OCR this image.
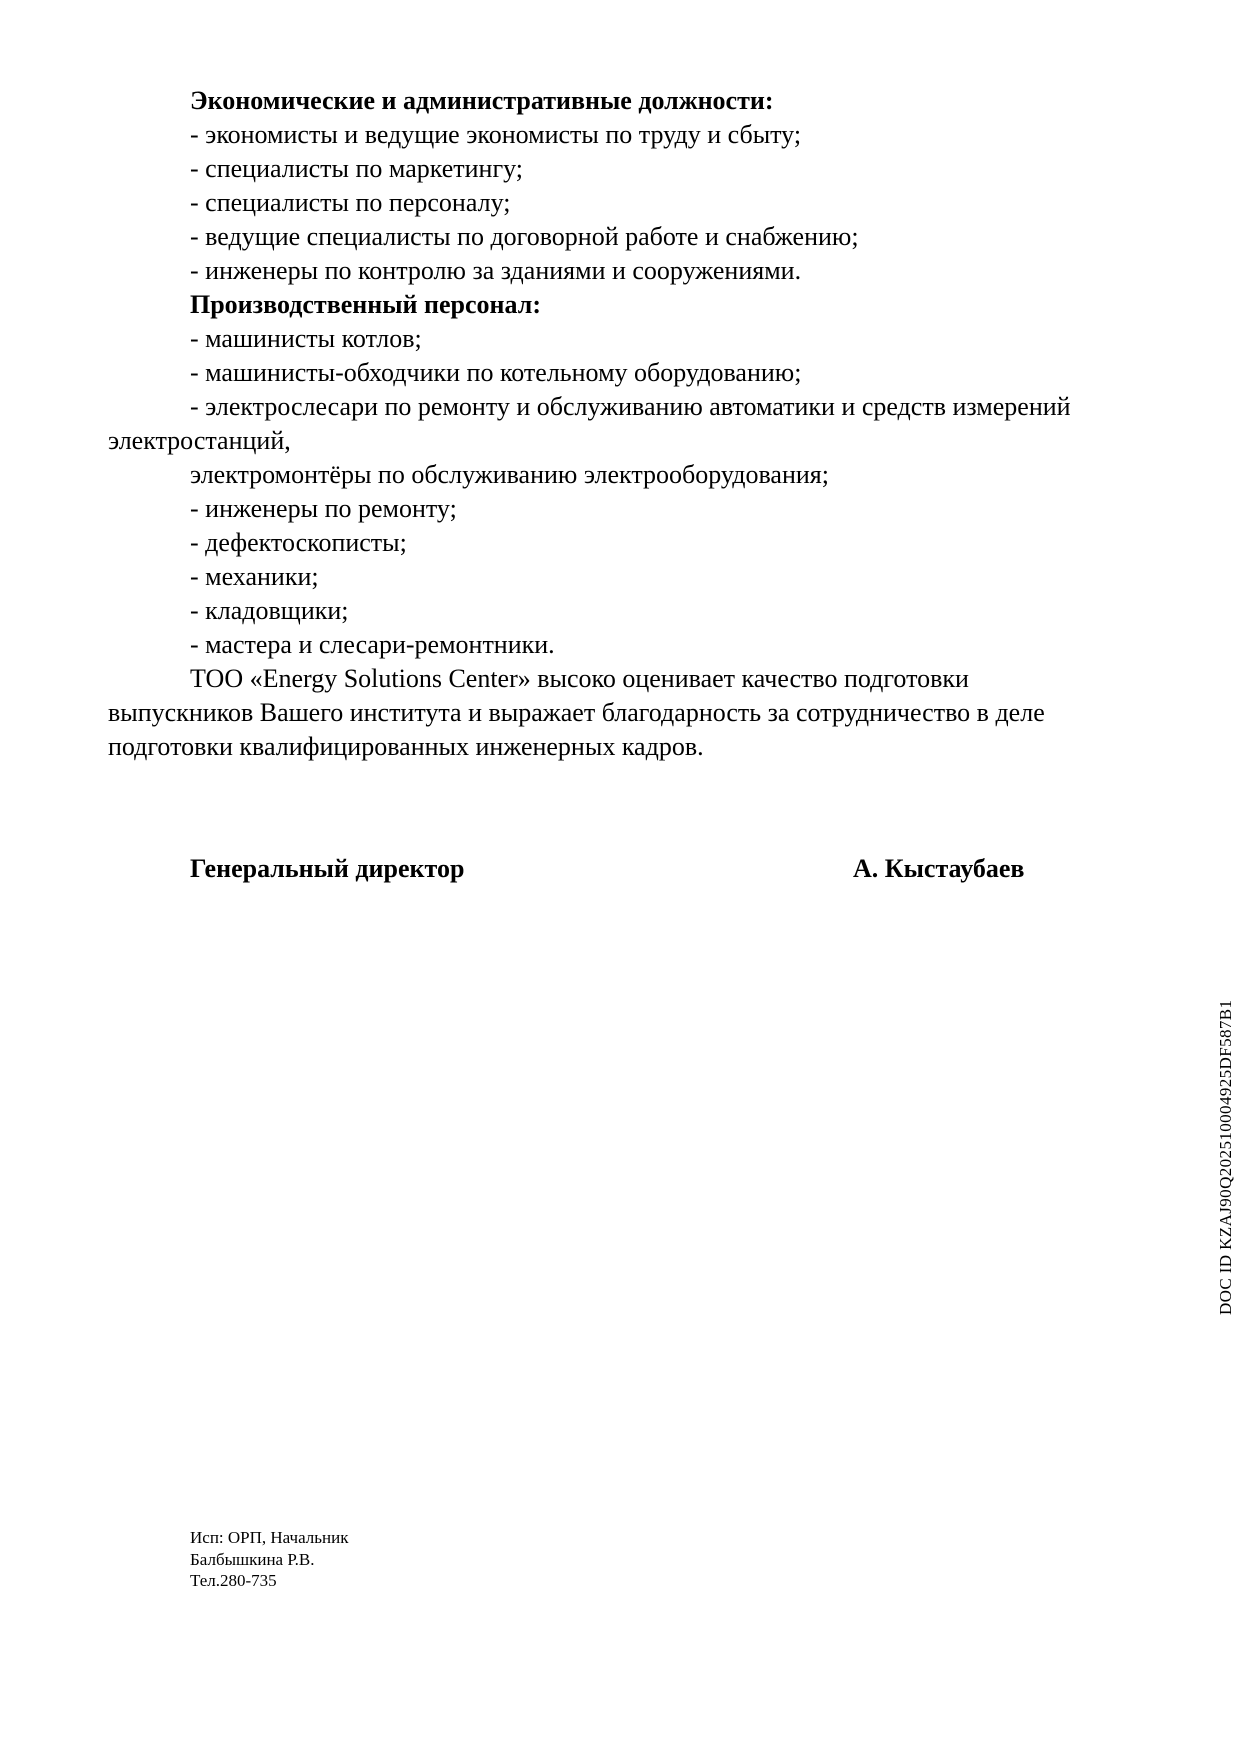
Экономические и административные должности:
- экономисты и ведущие экономисты по труду и сбыту;
- специалисты по маркетингу;
- специалисты по персоналу;
- ведущие специалисты по договорной работе и снабжению;
- инженеры по контролю за зданиями и сооружениями.
Производственный персонал:
- машинисты котлов;
- машинисты-обходчики по котельному оборудованию;
- электрослесари по ремонту и обслуживанию автоматики и средств измерений
электростанций,
электромонтёры по обслуживанию электрооборудования;
- инженеры по ремонту;
- дефектоскописты;
- механики;
- кладовщики;
- мастера и слесари-ремонтники.
ТОО «Energy Solutions Center» высоко оценивает качество подготовки
выпускников Вашего института и выражает благодарность за сотрудничество в деле
подготовки квалифицированных инженерных кадров.
Генеральный директор	А. Кыстаубаев
DOC ID KZAJ90Q202510004925DF587B1
Исп: ОРП, Начальник
Балбышкина Р.В.
Тел.280-735
